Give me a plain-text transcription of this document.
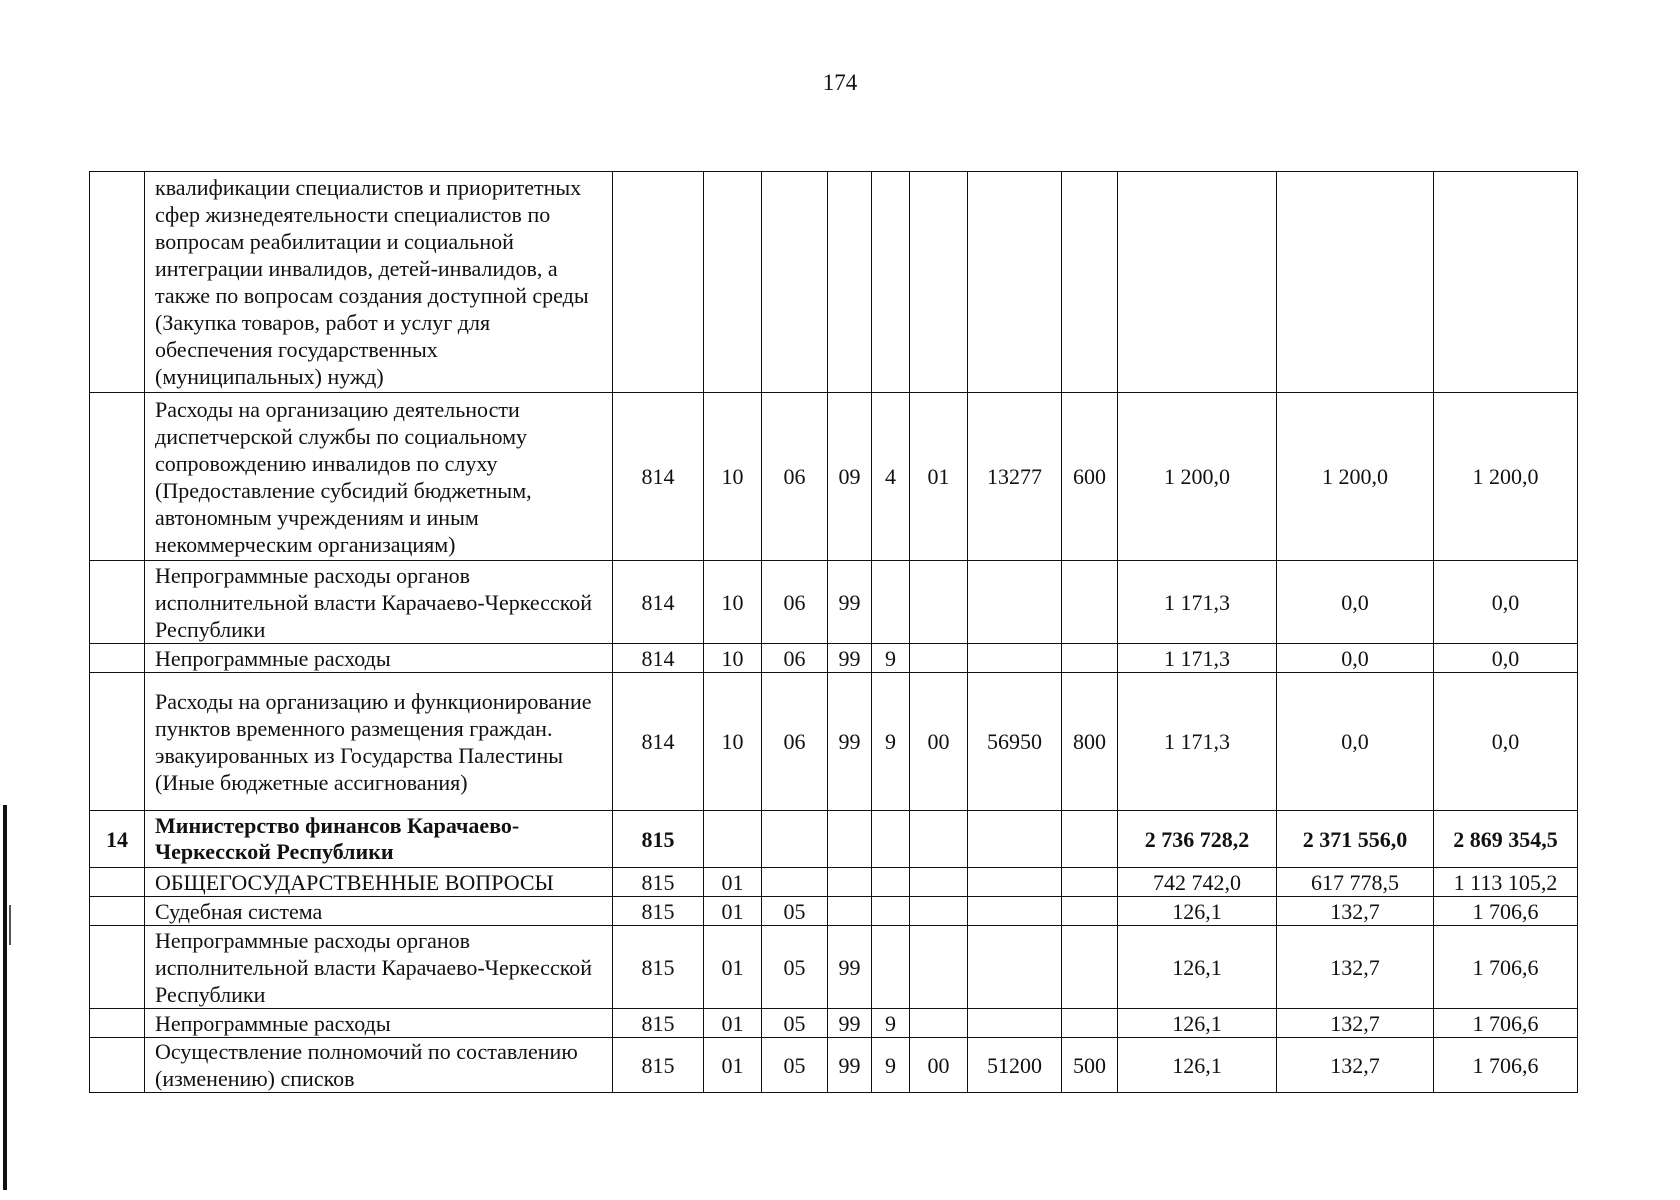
174
	квалификации специалистов и приоритетных сфер жизнедеятельности специалистов по вопросам реабилитации и социальной интеграции инвалидов, детей-инвалидов, а также по вопросам создания доступной среды (Закупка товаров, работ и услуг для обеспечения государственных (муниципальных) нужд)											
	Расходы на организацию деятельности диспетчерской службы по социальному сопровождению инвалидов по слуху (Предоставление субсидий бюджетным, автономным учреждениям и иным некоммерческим организациям)	814	10	06	09	4	01	13277	600	1 200,0	1 200,0	1 200,0
	Непрограммные расходы органов исполнительной власти Карачаево-Черкесской Республики	814	10	06	99					1 171,3	0,0	0,0
	Непрограммные расходы	814	10	06	99	9				1 171,3	0,0	0,0
	Расходы на организацию и функционирование пунктов временного размещения граждан. эвакуированных из Государства Палестины (Иные бюджетные ассигнования)	814	10	06	99	9	00	56950	800	1 171,3	0,0	0,0
14	Министерство финансов Карачаево-Черкесской Республики	815								2 736 728,2	2 371 556,0	2 869 354,5
	ОБЩЕГОСУДАРСТВЕННЫЕ ВОПРОСЫ	815	01							742 742,0	617 778,5	1 113 105,2
	Судебная система	815	01	05						126,1	132,7	1 706,6
	Непрограммные расходы органов исполнительной власти Карачаево-Черкесской Республики	815	01	05	99					126,1	132,7	1 706,6
	Непрограммные расходы	815	01	05	99	9				126,1	132,7	1 706,6
	Осуществление полномочий по составлению (изменению) списков	815	01	05	99	9	00	51200	500	126,1	132,7	1 706,6
